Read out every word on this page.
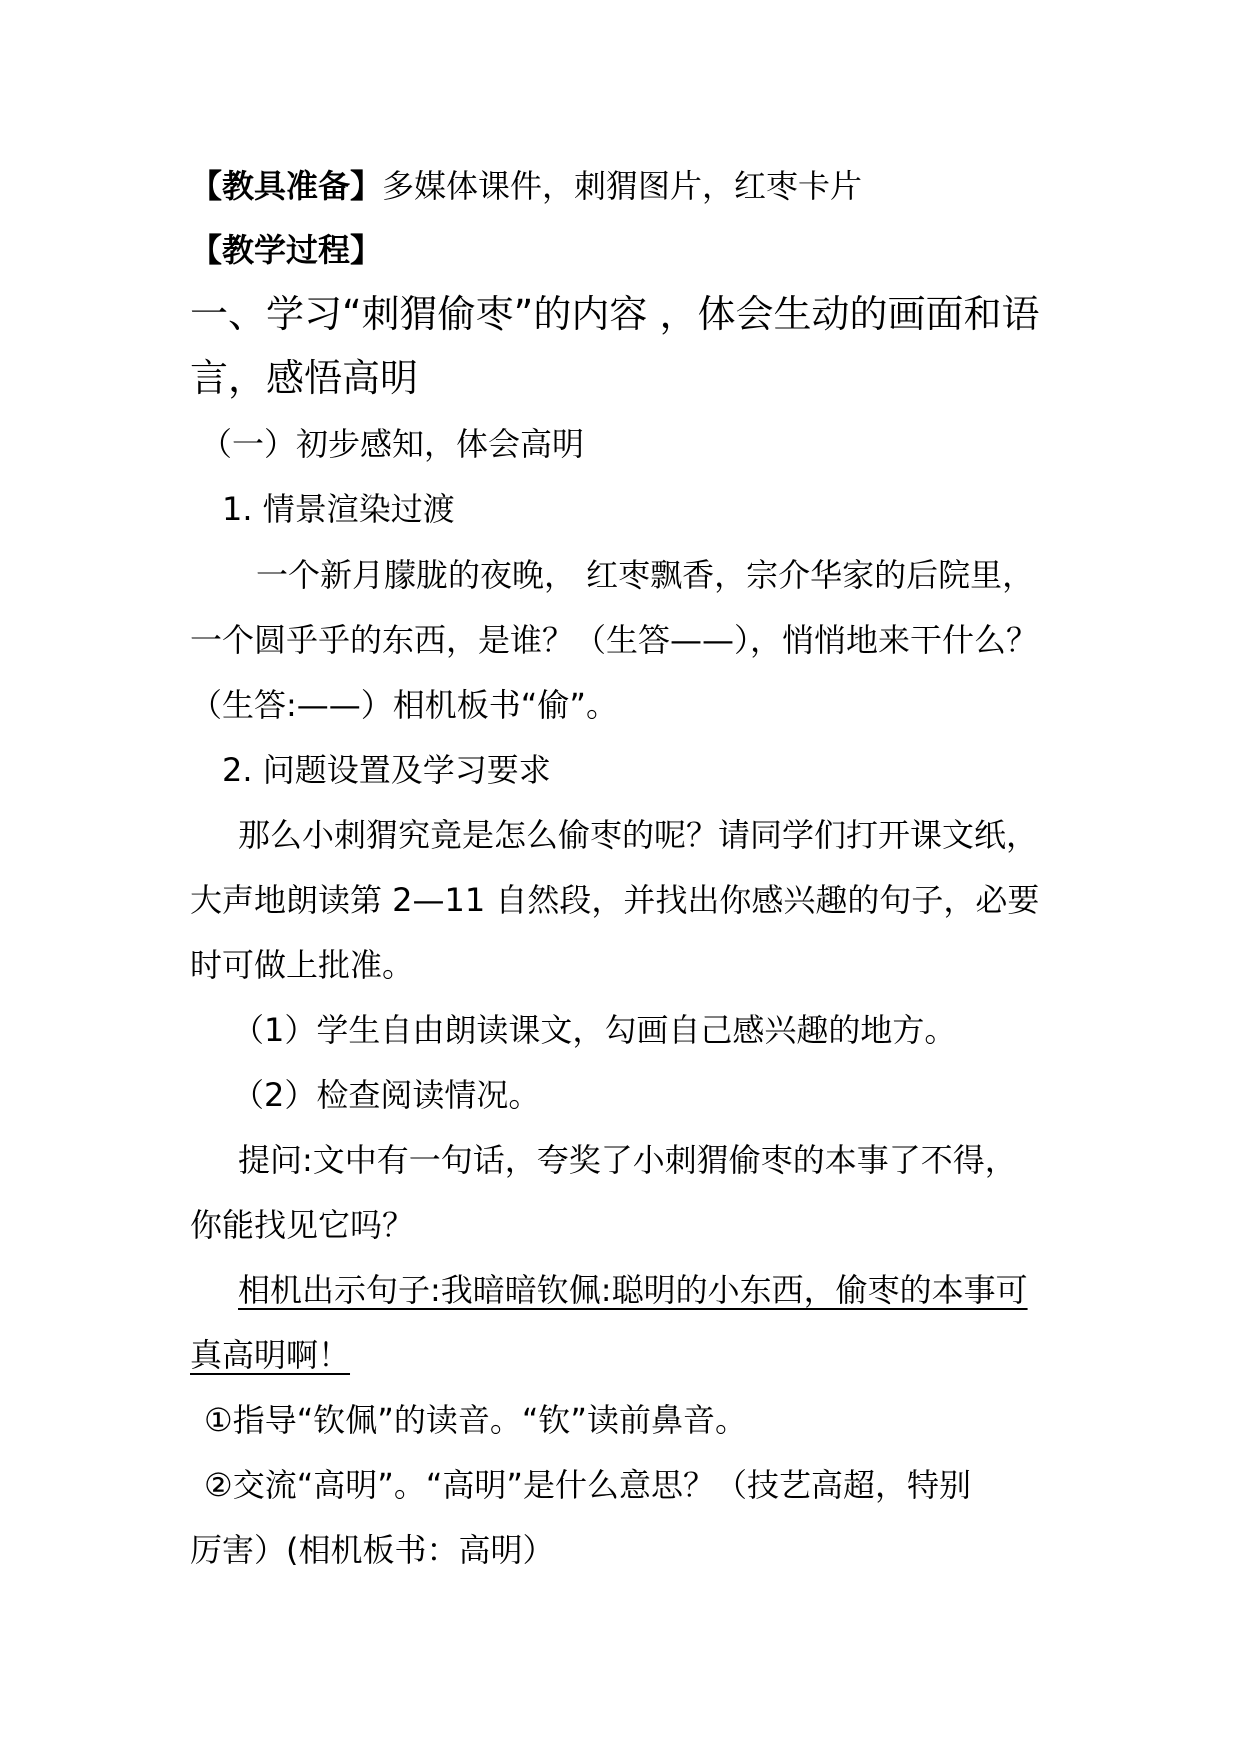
【教具准备】多媒体课件，刺猬图片，红枣卡片
【教学过程】
一、学习“刺猬偷枣”的内容 ，体会生动的画面和语
言，感悟高明
（一）初步感知，体会高明
1. 情景渲染过渡
一个新月朦胧的夜晚， 红枣飘香，宗介华家的后院里，
一个圆乎乎的东西，是谁？（生答——），悄悄地来干什么？
（生答:——）相机板书“偷”。
2. 问题设置及学习要求
那么小刺猬究竟是怎么偷枣的呢？请同学们打开课文纸，
大声地朗读第 2—11 自然段，并找出你感兴趣的句子，必要
时可做上批准。
（1）学生自由朗读课文，勾画自己感兴趣的地方。
（2）检查阅读情况。
提问:文中有一句话，夸奖了小刺猬偷枣的本事了不得，
你能找见它吗？
相机出示句子:我暗暗钦佩:聪明的小东西，偷枣的本事可
真高明啊！
①指导“钦佩”的读音。“钦”读前鼻音。
②交流“高明”。“高明”是什么意思？（技艺高超，特别
厉害）(相机板书：高明）
